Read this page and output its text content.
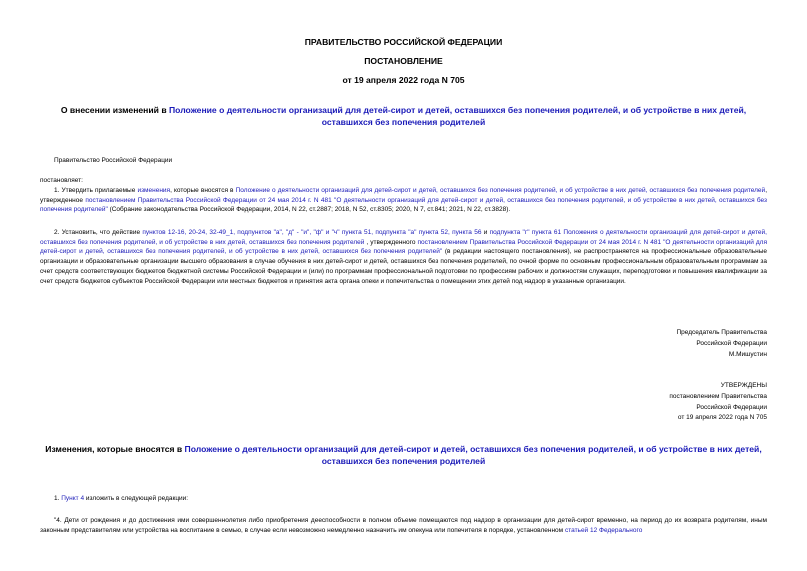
ПРАВИТЕЛЬСТВО РОССИЙСКОЙ ФЕДЕРАЦИИ
ПОСТАНОВЛЕНИЕ
от 19 апреля 2022 года N 705
О внесении изменений в Положение о деятельности организаций для детей-сирот и детей, оставшихся без попечения родителей, и об устройстве в них детей, оставшихся без попечения родителей
Правительство Российской Федерации
постановляет:
1. Утвердить прилагаемые изменения, которые вносятся в Положение о деятельности организаций для детей-сирот и детей, оставшихся без попечения родителей, и об устройстве в них детей, оставшихся без попечения родителей, утвержденное постановлением Правительства Российской Федерации от 24 мая 2014 г. N 481 "О деятельности организаций для детей-сирот и детей, оставшихся без попечения родителей, и об устройстве в них детей, оставшихся без попечения родителей" (Собрание законодательства Российской Федерации, 2014, N 22, ст.2887; 2018, N 52, ст.8305; 2020, N 7, ст.841; 2021, N 22, ст.3828).
2. Установить, что действие пунктов 12-16, 20-24, 32-49_1, подпунктов "а", "д" - "и", "ф" и "ч" пункта 51, подпункта "а" пункта 52, пункта 56 и подпункта "г" пункта 61 Положения о деятельности организаций для детей-сирот и детей, оставшихся без попечения родителей, и об устройстве в них детей, оставшихся без попечения родителей , утвержденного постановлением Правительства Российской Федерации от 24 мая 2014 г. N 481 "О деятельности организаций для детей-сирот и детей, оставшихся без попечения родителей, и об устройстве в них детей, оставшихся без попечения родителей" (в редакции настоящего постановления), не распространяется на профессиональные образовательные организации и образовательные организации высшего образования в случае обучения в них детей-сирот и детей, оставшихся без попечения родителей, по очной форме по основным профессиональным образовательным программам за счет средств соответствующих бюджетов бюджетной системы Российской Федерации и (или) по программам профессиональной подготовки по профессиям рабочих и должностям служащих, переподготовки и повышения квалификации за счет средств бюджетов субъектов Российской Федерации или местных бюджетов и принятия акта органа опеки и попечительства о помещении этих детей под надзор в указанные организации.
Председатель Правительства
Российской Федерации
М.Мишустин
УТВЕРЖДЕНЫ
постановлением Правительства
Российской Федерации
от 19 апреля 2022 года N 705
Изменения, которые вносятся в Положение о деятельности организаций для детей-сирот и детей, оставшихся без попечения родителей, и об устройстве в них детей, оставшихся без попечения родителей
1. Пункт 4 изложить в следующей редакции:
"4. Дети от рождения и до достижения ими совершеннолетия либо приобретения дееспособности в полном объеме помещаются под надзор в организации для детей-сирот временно, на период до их возврата родителям, иным законным представителям или устройства на воспитание в семью, в случае если невозможно немедленно назначить им опекуна или попечителя в порядке, установленном статьей 12 Федерального
